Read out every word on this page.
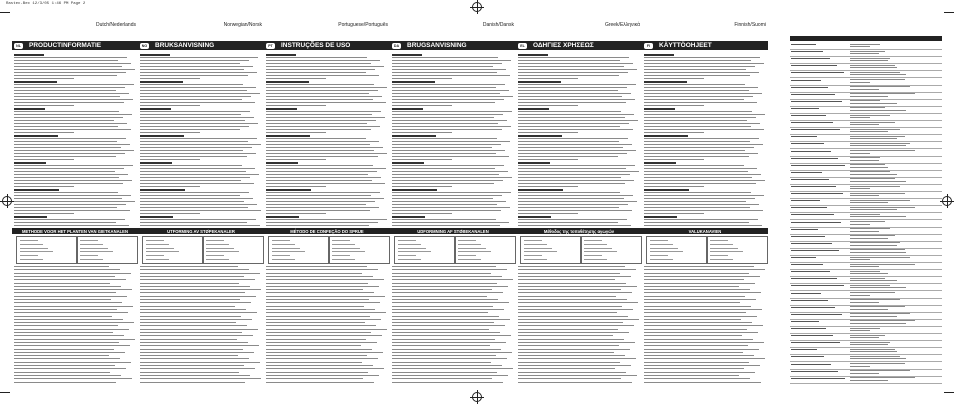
Rastec-Bec 12/3/05 1:46 PM Page 2
Dutch/Nederlands
NL	PRODUCTINFORMATIE
METHODE VOOR HET PLANTEN VAN GIETKANALEN
Norwegian/Norsk
NO BRUKSANVISNING
UTFORMING AV STØPEKANALER
Portuguese/Português
PT	INSTRUÇÕES DE USO
MÉTODO DE CONFEÇÃO DO SPRUE
Danish/Dansk
DA BRUGSANVISNING
UDFORMNING AF STØBEKANALEN
Greek/Ελληνικά
EL	ΟΔΗΓΙΕΣ ΧΡΗΣΕΩΣ
Μέθοδος της τοποθέτησης αγωγών
Finnish/Suomi
FI	KÄYTTÖOHJEET
VALUKANAVIEN
